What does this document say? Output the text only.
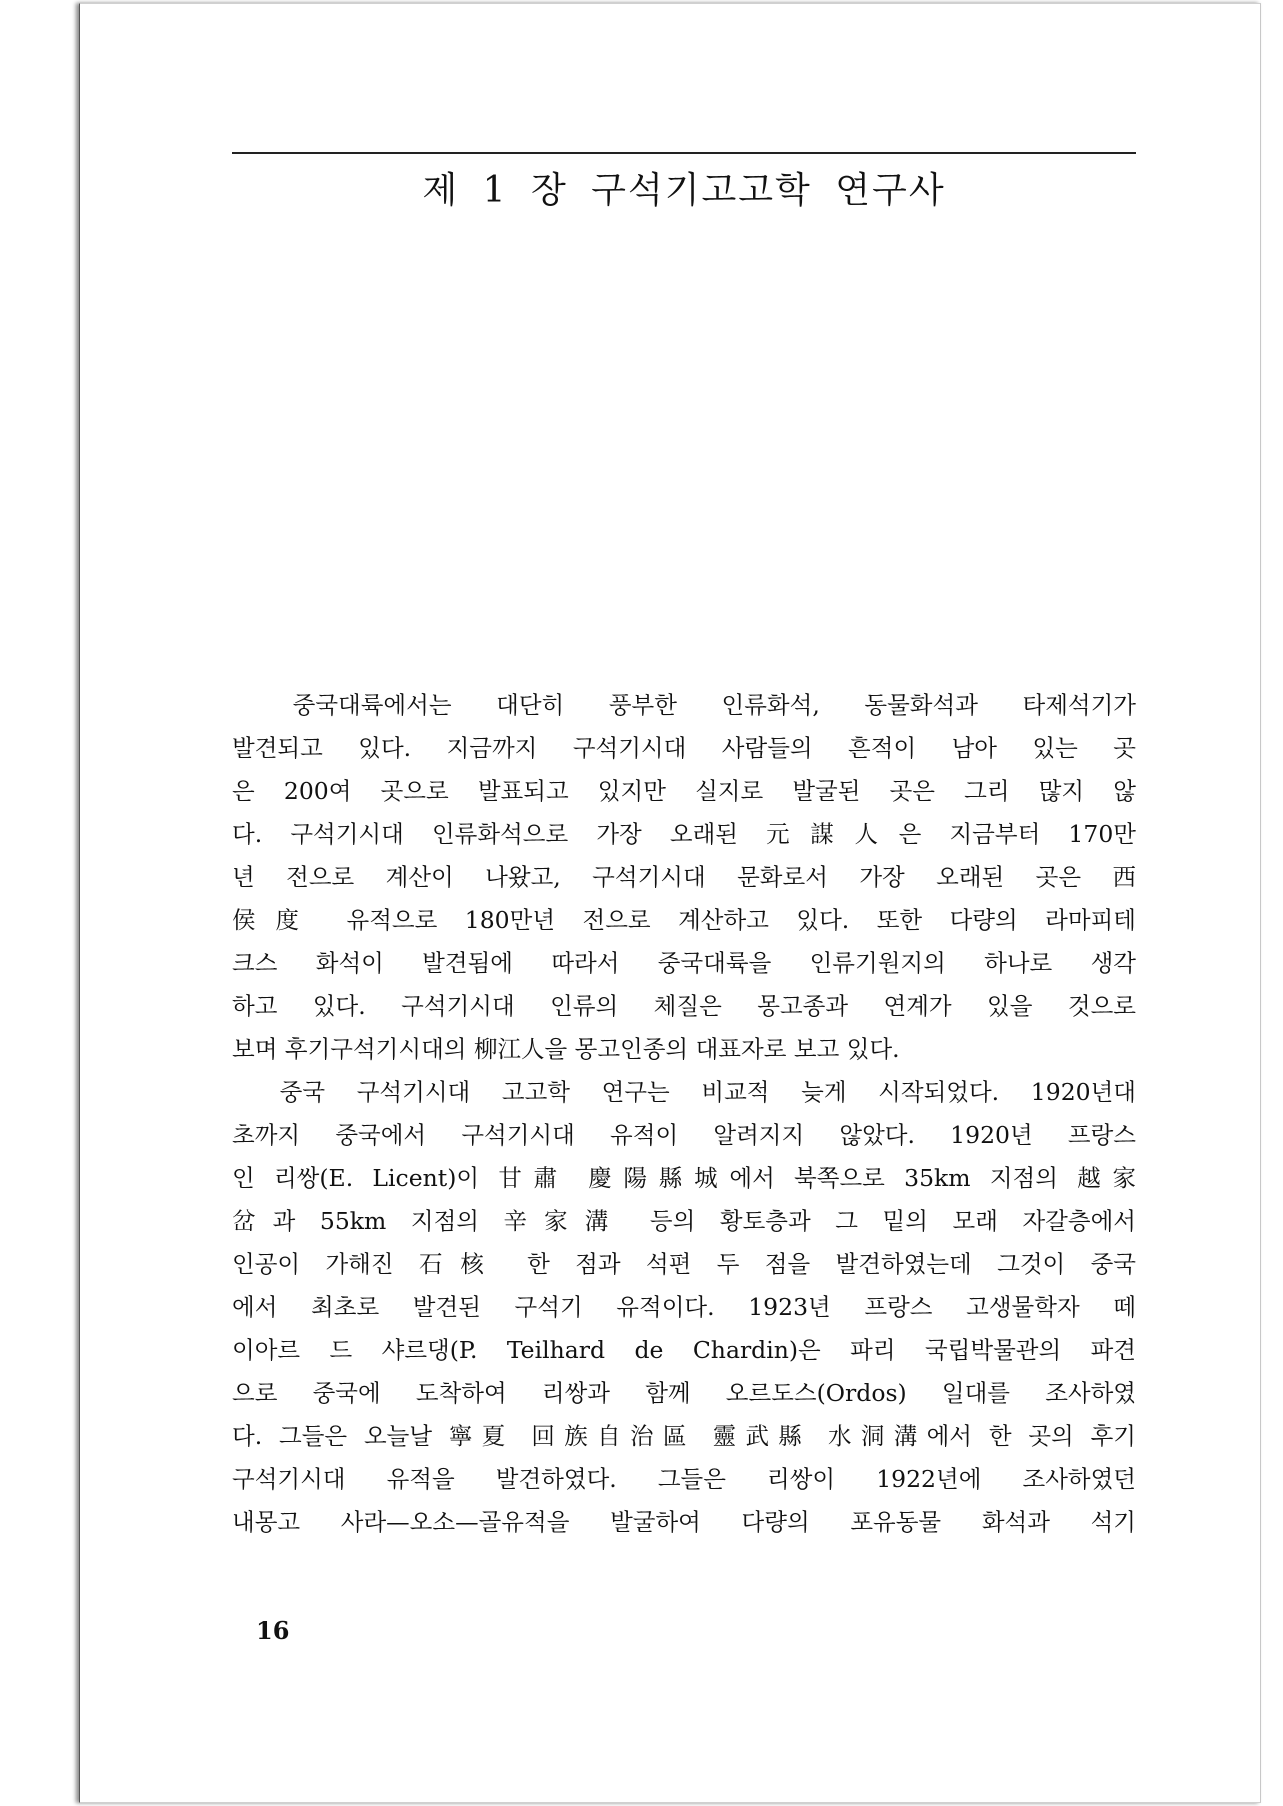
제 1 장 구석기고고학 연구사
　중국대륙에서는 대단히 풍부한 인류화석, 동물화석과 타제석기가
발견되고 있다. 지금까지 구석기시대 사람들의 흔적이 남아 있는 곳
은 200여 곳으로 발표되고 있지만 실지로 발굴된 곳은 그리 많지 않
다. 구석기시대 인류화석으로 가장 오래된 元謀人은 지금부터 170만
년 전으로 계산이 나왔고, 구석기시대 문화로서 가장 오래된 곳은 西
侯度 유적으로 180만년 전으로 계산하고 있다. 또한 다량의 라마피테
크스 화석이 발견됨에 따라서 중국대륙을 인류기원지의 하나로 생각
하고 있다. 구석기시대 인류의 체질은 몽고종과 연계가 있을 것으로
보며 후기구석기시대의 柳江人을 몽고인종의 대표자로 보고 있다.
　중국 구석기시대 고고학 연구는 비교적 늦게 시작되었다. 1920년대
초까지 중국에서 구석기시대 유적이 알려지지 않았다. 1920년 프랑스
인 리쌍(E. Licent)이 甘肅 慶陽縣城에서 북쪽으로 35km 지점의 越家
岔과 55km 지점의 辛家溝 등의 황토층과 그 밑의 모래 자갈층에서
인공이 가해진 石核 한 점과 석편 두 점을 발견하였는데 그것이 중국
에서 최초로 발견된 구석기 유적이다. 1923년 프랑스 고생물학자 떼
이아르 드 샤르댕(P. Teilhard de Chardin)은 파리 국립박물관의 파견
으로 중국에 도착하여 리쌍과 함께 오르도스(Ordos) 일대를 조사하였
다. 그들은 오늘날 寧夏 回族自治區 靈武縣 水洞溝에서 한 곳의 후기
구석기시대 유적을 발견하였다. 그들은 리쌍이 1922년에 조사하였던
내몽고 사라—오소—골유적을 발굴하여 다량의 포유동물 화석과 석기
16
